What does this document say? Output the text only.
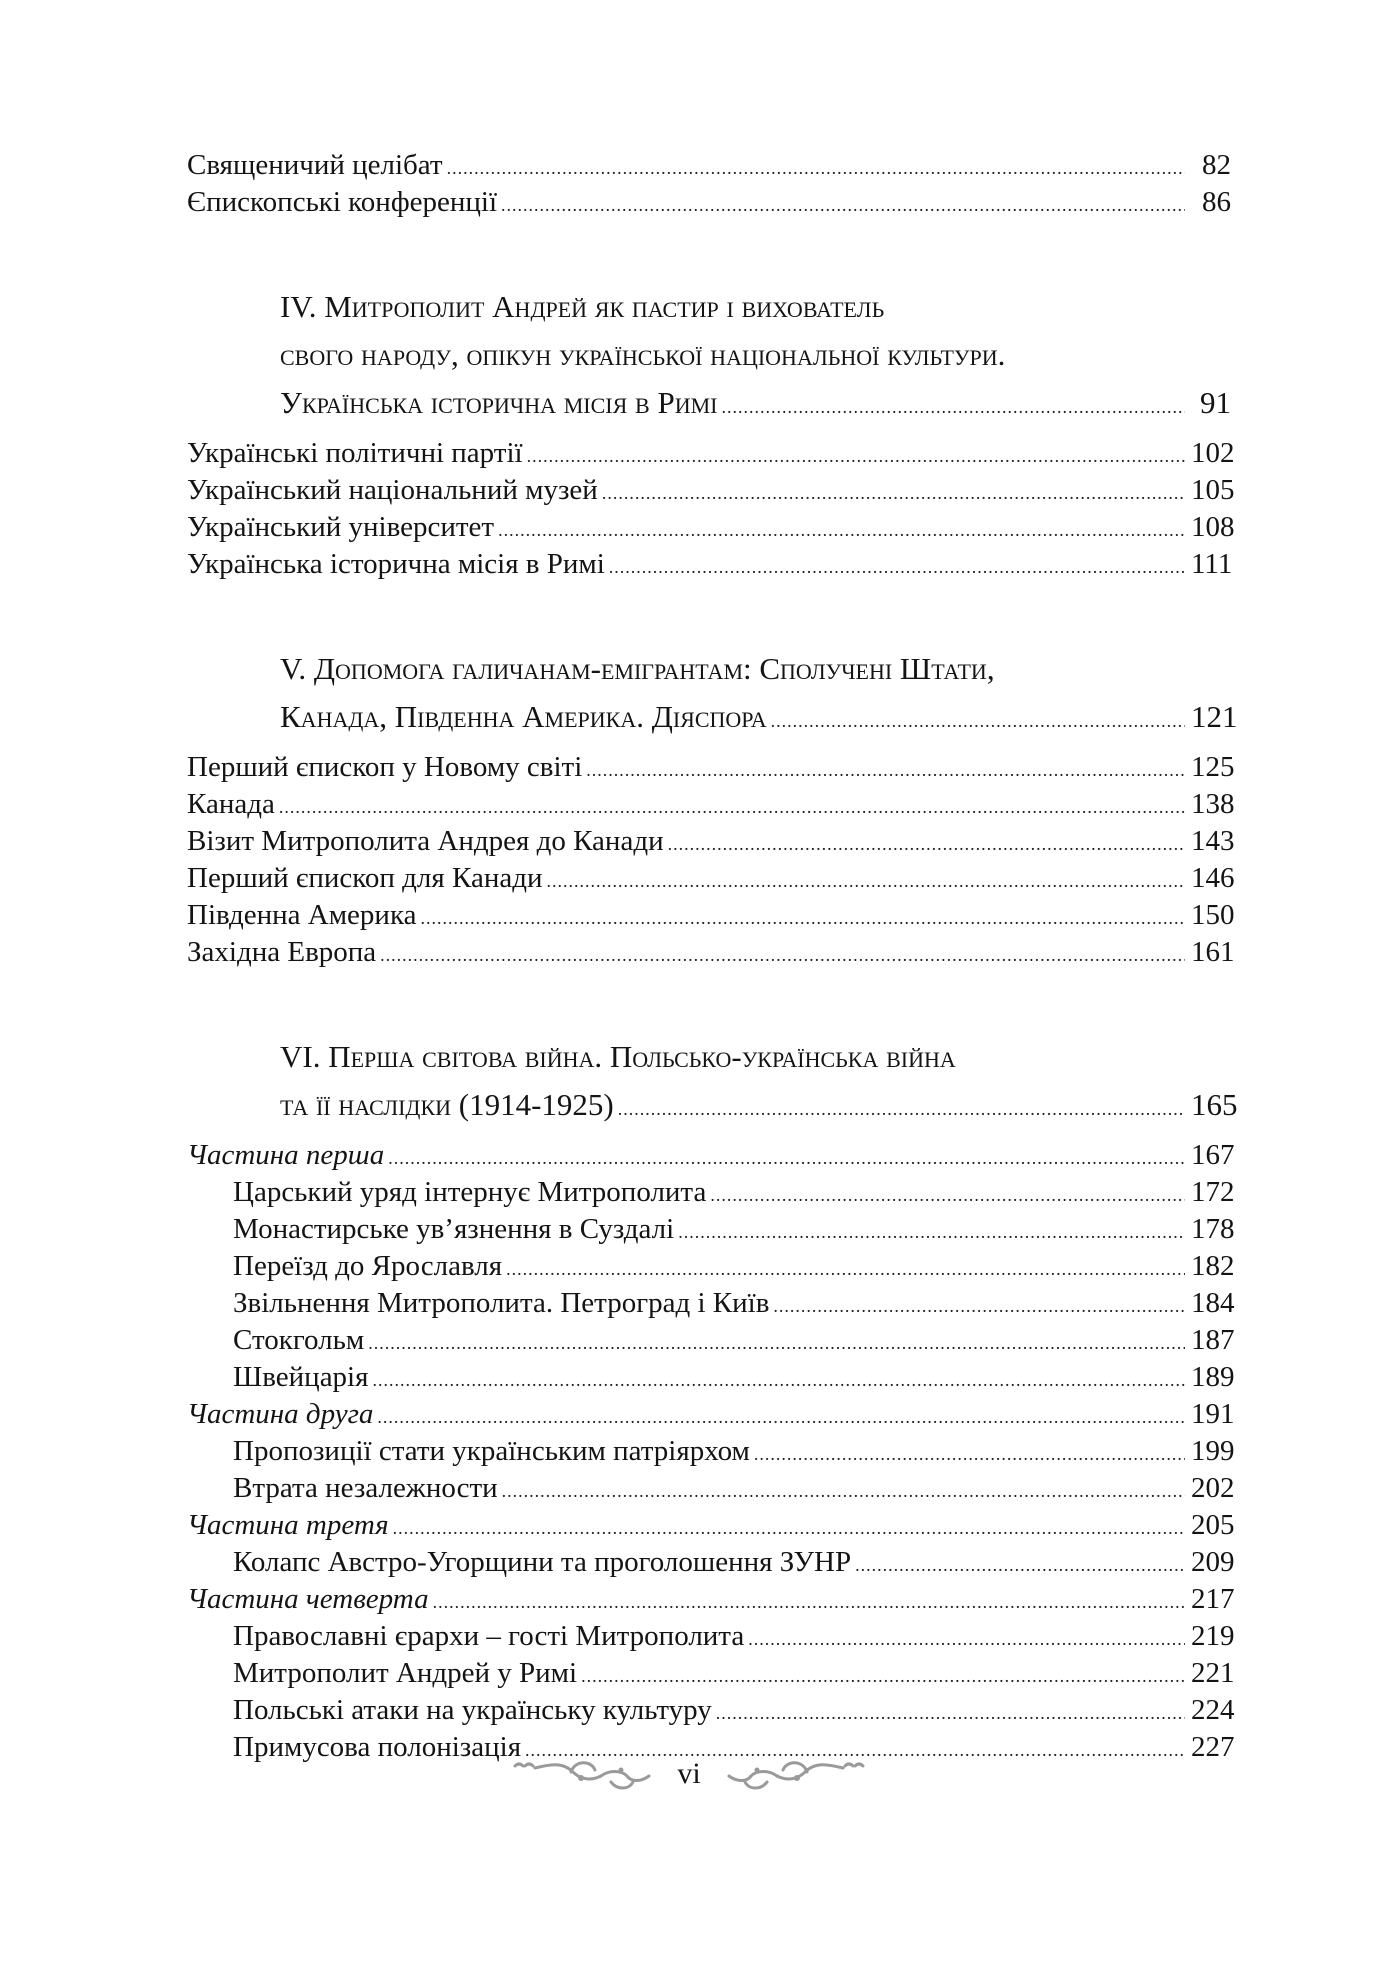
Священичий целібат .....	82
Єпископські конференції .....	86
IV. Митрополит Андрей як пастир і вихователь
свого народу, опікун української національної культури.
Українська історична місія в Римі .....	91
Українські політичні партії .....	102
Український національний музей .....	105
Український університет .....	108
Українська історична місія в Римі .....	111
V. Допомога галичанам-емігрантам: Сполучені Штати,
Канада, Південна Америка. Діяспора .....	121
Перший єпископ у Новому світі .....	125
Канада .....	138
Візит Митрополита Андрея до Канади .....	143
Перший єпископ для Канади .....	146
Південна Америка .....	150
Західна Европа .....	161
VI. Перша світова війна. Польсько-українська війна
та її наслідки (1914-1925) .....	165
Частина перша .....	167
Царський уряд інтернує Митрополита .....	172
Монастирське ув’язнення в Суздалі .....	178
Переїзд до Ярославля .....	182
Звільнення Митрополита. Петроград і Київ .....	184
Стокгольм .....	187
Швейцарія .....	189
Частина друга .....	191
Пропозиції стати українським патріярхом .....	199
Втрата незалежности .....	202
Частина третя .....	205
Колапс Австро-Угорщини та проголошення ЗУНР .....	209
Частина четверта .....	217
Православні єрархи – гості Митрополита .....	219
Митрополит Андрей у Римі .....	221
Польські атаки на українську культуру .....	224
Примусова полонізація .....	227
vi
